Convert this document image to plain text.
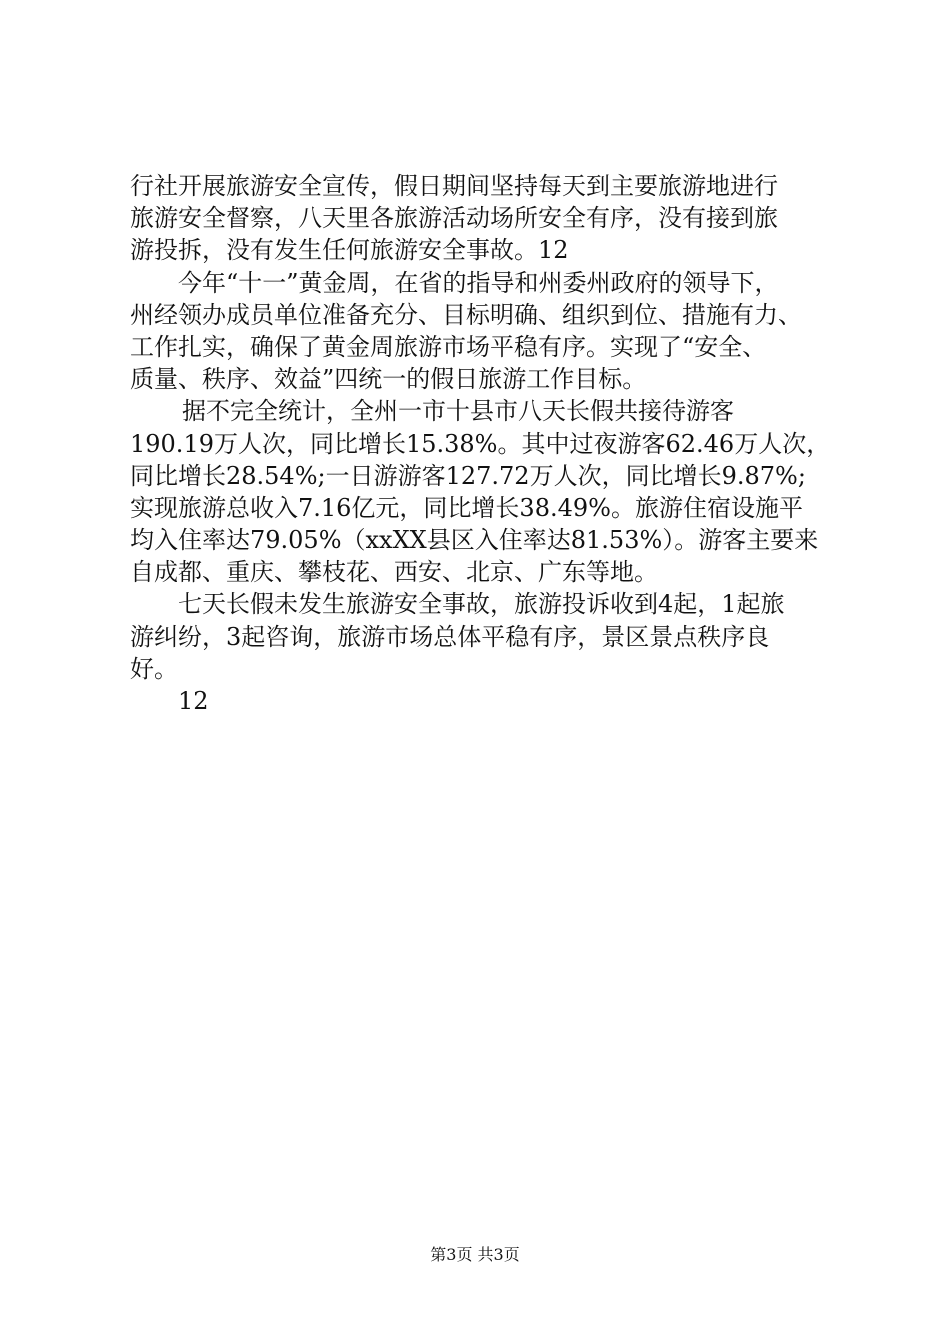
行社开展旅游安全宣传，假日期间坚持每天到主要旅游地进行
旅游安全督察，八天里各旅游活动场所安全有序，没有接到旅
游投拆，没有发生任何旅游安全事故。12
今年“十一”黄金周，在省的指导和州委州政府的领导下，
州经领办成员单位准备充分、目标明确、组织到位、措施有力、
工作扎实，确保了黄金周旅游市场平稳有序。实现了“安全、
质量、秩序、效益”四统一的假日旅游工作目标。
据不完全统计，全州一市十县市八天长假共接待游客
190.19万人次，同比增长15.38%。其中过夜游客62.46万人次，
同比增长28.54%;一日游游客127.72万人次，同比增长9.87%;
实现旅游总收入7.16亿元，同比增长38.49%。旅游住宿设施平
均入住率达79.05%（xxXX县区入住率达81.53%）。游客主要来
自成都、重庆、攀枝花、西安、北京、广东等地。
七天长假未发生旅游安全事故，旅游投诉收到4起，1起旅
游纠纷，3起咨询，旅游市场总体平稳有序，景区景点秩序良
好。
12
第3页 共3页
